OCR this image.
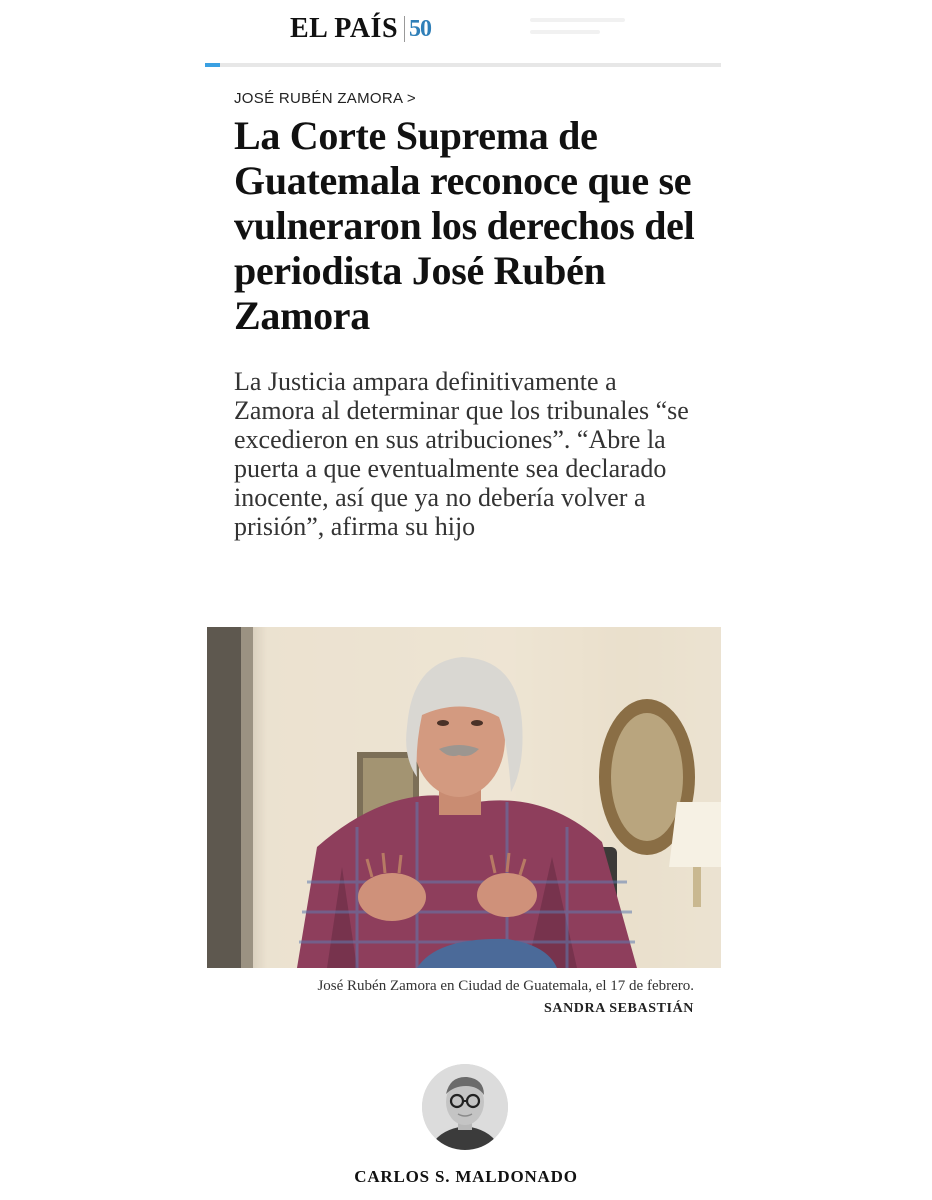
EL PAÍS 50
JOSÉ RUBÉN ZAMORA >
La Corte Suprema de Guatemala reconoce que se vulneraron los derechos del periodista José Rubén Zamora

La Justicia ampara definitivamente a Zamora al determinar que los tribunales “se excedieron en sus atribuciones”. “Abre la puerta a que eventualmente sea declarado inocente, así que ya no debería volver a prisión”, afirma su hijo

José Rubén Zamora en Ciudad de Guatemala, el 17 de febrero.
SANDRA SEBASTIÁN
CARLOS S. MALDONADO
